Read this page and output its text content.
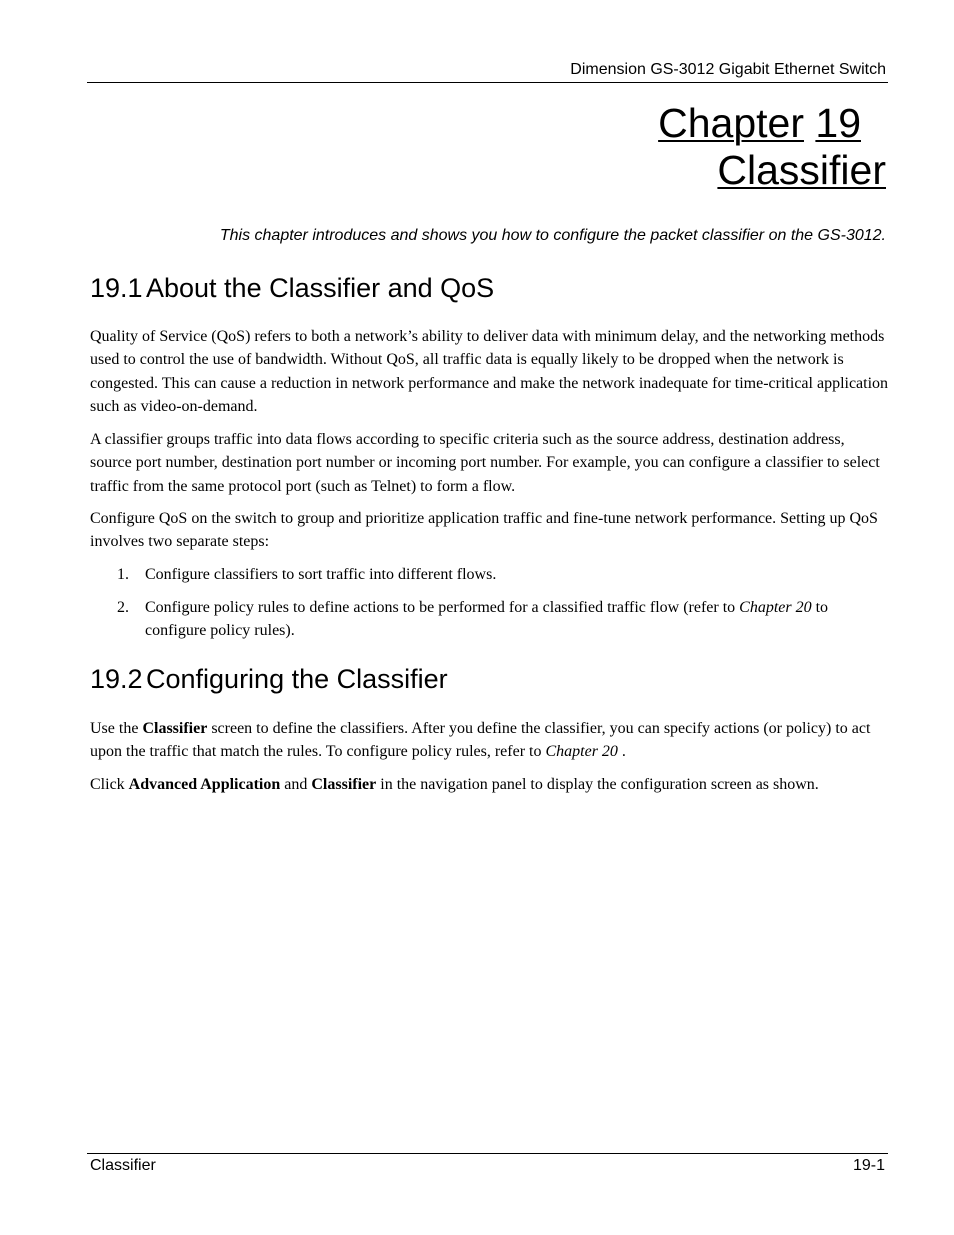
Dimension GS-3012 Gigabit Ethernet Switch
Chapter 19
Classifier
This chapter introduces and shows you how to configure the packet classifier on the GS-3012.
19.1 About the Classifier and QoS

Quality of Service (QoS) refers to both a network’s ability to deliver data with minimum delay, and the networking methods used to control the use of bandwidth. Without QoS, all traffic data is equally likely to be dropped when the network is congested. This can cause a reduction in network performance and make the network inadequate for time-critical application such as video-on-demand.

A classifier groups traffic into data flows according to specific criteria such as the source address, destination address, source port number, destination port number or incoming port number. For example, you can configure a classifier to select traffic from the same protocol port (such as Telnet) to form a flow.

Configure QoS on the switch to group and prioritize application traffic and fine-tune network performance. Setting up QoS involves two separate steps:

1. Configure classifiers to sort traffic into different flows.
2. Configure policy rules to define actions to be performed for a classified traffic flow (refer to Chapter 20 to configure policy rules).
19.2 Configuring the Classifier

Use the Classifier screen to define the classifiers. After you define the classifier, you can specify actions (or policy) to act upon the traffic that match the rules. To configure policy rules, refer to Chapter 20 .

Click Advanced Application and Classifier in the navigation panel to display the configuration screen as shown.

Classifier	19-1
